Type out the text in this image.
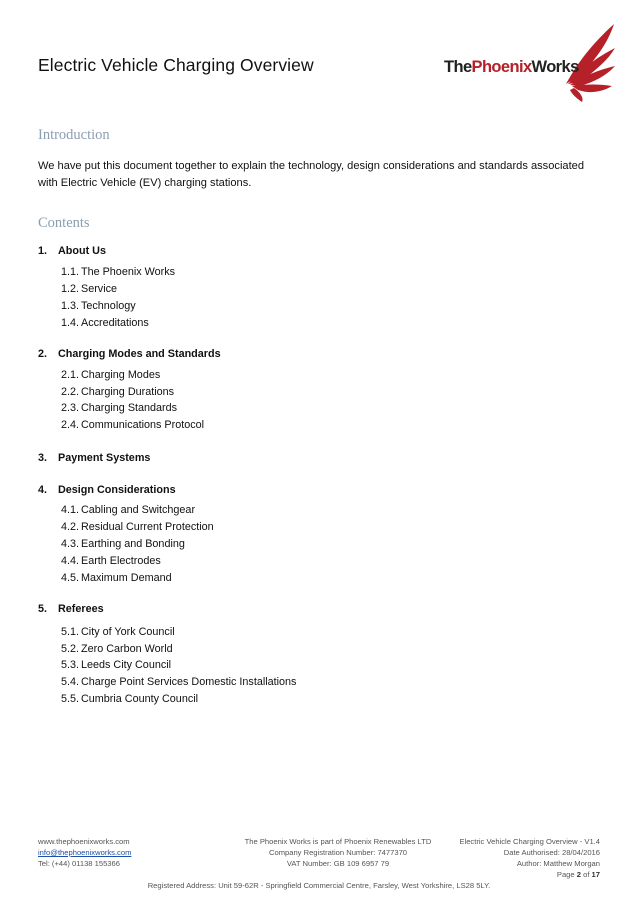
Electric Vehicle Charging Overview	ThePhoenixWorks
Introduction
We have put this document together to explain the technology, design considerations and standards associated with Electric Vehicle (EV) charging stations.
Contents
1. About Us
1.1. The Phoenix Works
1.2. Service
1.3. Technology
1.4. Accreditations
2. Charging Modes and Standards
2.1. Charging Modes
2.2. Charging Durations
2.3. Charging Standards
2.4. Communications Protocol
3. Payment Systems
4. Design Considerations
4.1. Cabling and Switchgear
4.2. Residual Current Protection
4.3. Earthing and Bonding
4.4. Earth Electrodes
4.5. Maximum Demand
5. Referees
5.1. City of York Council
5.2. Zero Carbon World
5.3. Leeds City Council
5.4. Charge Point Services Domestic Installations
5.5. Cumbria County Council
www.thephoenixworks.com
info@thephoenixworks.com
Tel: (+44) 01138 155366
The Phoenix Works is part of Phoenix Renewables LTD
Company Registration Number: 7477370
VAT Number: GB 109 6957 79
Electric Vehicle Charging Overview - V1.4
Date Authorised: 28/04/2016
Author: Matthew Morgan
Page 2 of 17
Registered Address: Unit 59-62R - Springfield Commercial Centre, Farsley, West Yorkshire, LS28 5LY.
